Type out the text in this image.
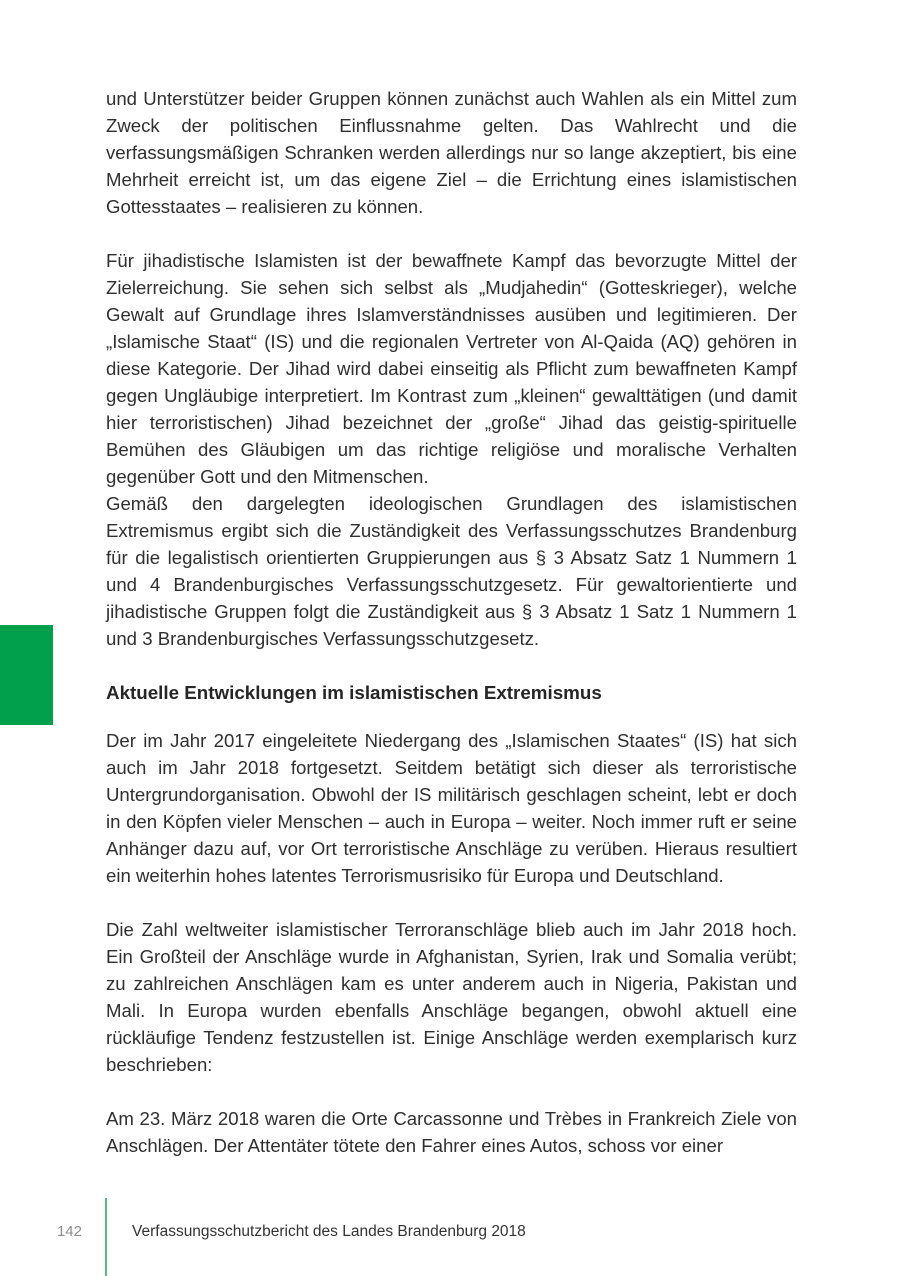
und Unterstützer beider Gruppen können zunächst auch Wahlen als ein Mittel zum Zweck der politischen Einflussnahme gelten. Das Wahlrecht und die verfassungsmäßigen Schranken werden allerdings nur so lange akzeptiert, bis eine Mehrheit erreicht ist, um das eigene Ziel – die Errichtung eines islamistischen Gottesstaates – realisieren zu können.

Für jihadistische Islamisten ist der bewaffnete Kampf das bevorzugte Mittel der Zielerreichung. Sie sehen sich selbst als „Mudjahedin“ (Gotteskrieger), welche Gewalt auf Grundlage ihres Islamverständnisses ausüben und legitimieren. Der „Islamische Staat“ (IS) und die regionalen Vertreter von Al-Qaida (AQ) gehören in diese Kategorie. Der Jihad wird dabei einseitig als Pflicht zum bewaffneten Kampf gegen Ungläubige interpretiert. Im Kontrast zum „kleinen“ gewalttätigen (und damit hier terroristischen) Jihad bezeichnet der „große“ Jihad das geistig-spirituelle Bemühen des Gläubigen um das richtige religiöse und moralische Verhalten gegenüber Gott und den Mitmenschen.

Gemäß den dargelegten ideologischen Grundlagen des islamistischen Extremismus ergibt sich die Zuständigkeit des Verfassungsschutzes Brandenburg für die legalistisch orientierten Gruppierungen aus § 3 Absatz Satz 1 Nummern 1 und 4 Brandenburgisches Verfassungsschutzgesetz. Für gewaltorientierte und jihadistische Gruppen folgt die Zuständigkeit aus § 3 Absatz 1 Satz 1 Nummern 1 und 3 Brandenburgisches Verfassungsschutzgesetz.

Aktuelle Entwicklungen im islamistischen Extremismus

Der im Jahr 2017 eingeleitete Niedergang des „Islamischen Staates“ (IS) hat sich auch im Jahr 2018 fortgesetzt. Seitdem betätigt sich dieser als terroristische Untergrundorganisation. Obwohl der IS militärisch geschlagen scheint, lebt er doch in den Köpfen vieler Menschen – auch in Europa – weiter. Noch immer ruft er seine Anhänger dazu auf, vor Ort terroristische Anschläge zu verüben. Hieraus resultiert ein weiterhin hohes latentes Terrorismusrisiko für Europa und Deutschland.

Die Zahl weltweiter islamistischer Terroranschläge blieb auch im Jahr 2018 hoch. Ein Großteil der Anschläge wurde in Afghanistan, Syrien, Irak und Somalia verübt; zu zahlreichen Anschlägen kam es unter anderem auch in Nigeria, Pakistan und Mali. In Europa wurden ebenfalls Anschläge begangen, obwohl aktuell eine rückläufige Tendenz festzustellen ist. Einige Anschläge werden exemplarisch kurz beschrieben:

Am 23. März 2018 waren die Orte Carcassonne und Trèbes in Frankreich Ziele von Anschlägen. Der Attentäter tötete den Fahrer eines Autos, schoss vor einer

142	Verfassungsschutzbericht des Landes Brandenburg 2018
